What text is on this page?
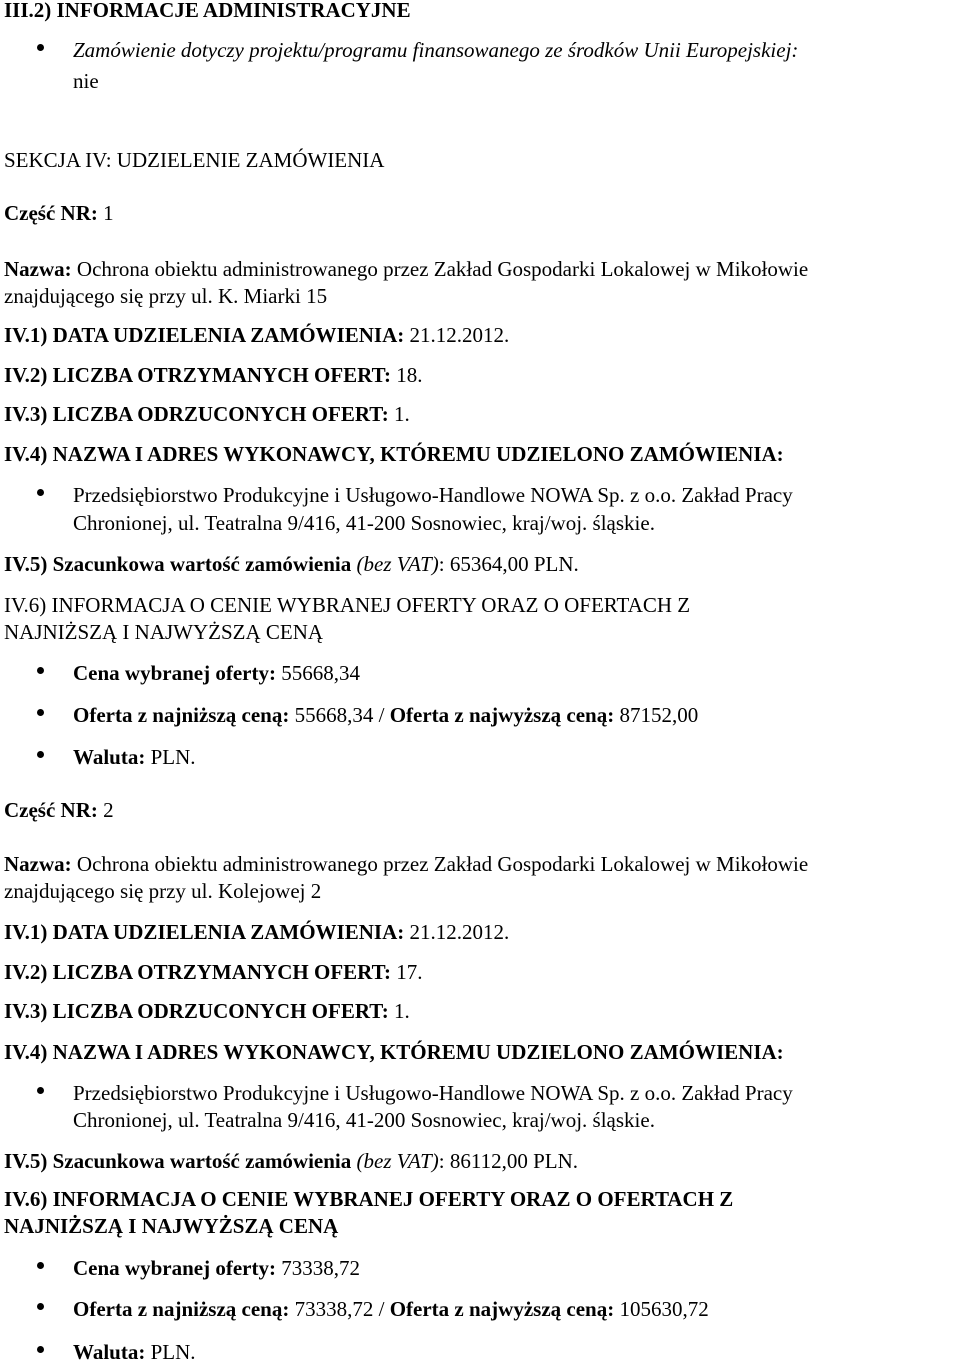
III.2) INFORMACJE ADMINISTRACYJNE
Zamówienie dotyczy projektu/programu finansowanego ze środków Unii Europejskiej:
nie
SEKCJA IV: UDZIELENIE ZAMÓWIENIA
Część NR: 1
Nazwa: Ochrona obiektu administrowanego przez Zakład Gospodarki Lokalowej w Mikołowie
znajdującego się przy ul. K. Miarki 15
IV.1) DATA UDZIELENIA ZAMÓWIENIA: 21.12.2012.
IV.2) LICZBA OTRZYMANYCH OFERT: 18.
IV.3) LICZBA ODRZUCONYCH OFERT: 1.
IV.4) NAZWA I ADRES WYKONAWCY, KTÓREMU UDZIELONO ZAMÓWIENIA:
Przedsiębiorstwo Produkcyjne i Usługowo-Handlowe NOWA Sp. z o.o. Zakład Pracy
Chronionej, ul. Teatralna 9/416, 41-200 Sosnowiec, kraj/woj. śląskie.
IV.5) Szacunkowa wartość zamówienia (bez VAT): 65364,00 PLN.
IV.6) INFORMACJA O CENIE WYBRANEJ OFERTY ORAZ O OFERTACH Z
NAJNIŻSZĄ I NAJWYŻSZĄ CENĄ
Cena wybranej oferty: 55668,34
Oferta z najniższą ceną: 55668,34 / Oferta z najwyższą ceną: 87152,00
Waluta: PLN.
Część NR: 2
Nazwa: Ochrona obiektu administrowanego przez Zakład Gospodarki Lokalowej w Mikołowie
znajdującego się przy ul. Kolejowej 2
IV.1) DATA UDZIELENIA ZAMÓWIENIA: 21.12.2012.
IV.2) LICZBA OTRZYMANYCH OFERT: 17.
IV.3) LICZBA ODRZUCONYCH OFERT: 1.
IV.4) NAZWA I ADRES WYKONAWCY, KTÓREMU UDZIELONO ZAMÓWIENIA:
Przedsiębiorstwo Produkcyjne i Usługowo-Handlowe NOWA Sp. z o.o. Zakład Pracy
Chronionej, ul. Teatralna 9/416, 41-200 Sosnowiec, kraj/woj. śląskie.
IV.5) Szacunkowa wartość zamówienia (bez VAT): 86112,00 PLN.
IV.6) INFORMACJA O CENIE WYBRANEJ OFERTY ORAZ O OFERTACH Z
NAJNIŻSZĄ I NAJWYŻSZĄ CENĄ
Cena wybranej oferty: 73338,72
Oferta z najniższą ceną: 73338,72 / Oferta z najwyższą ceną: 105630,72
Waluta: PLN.
